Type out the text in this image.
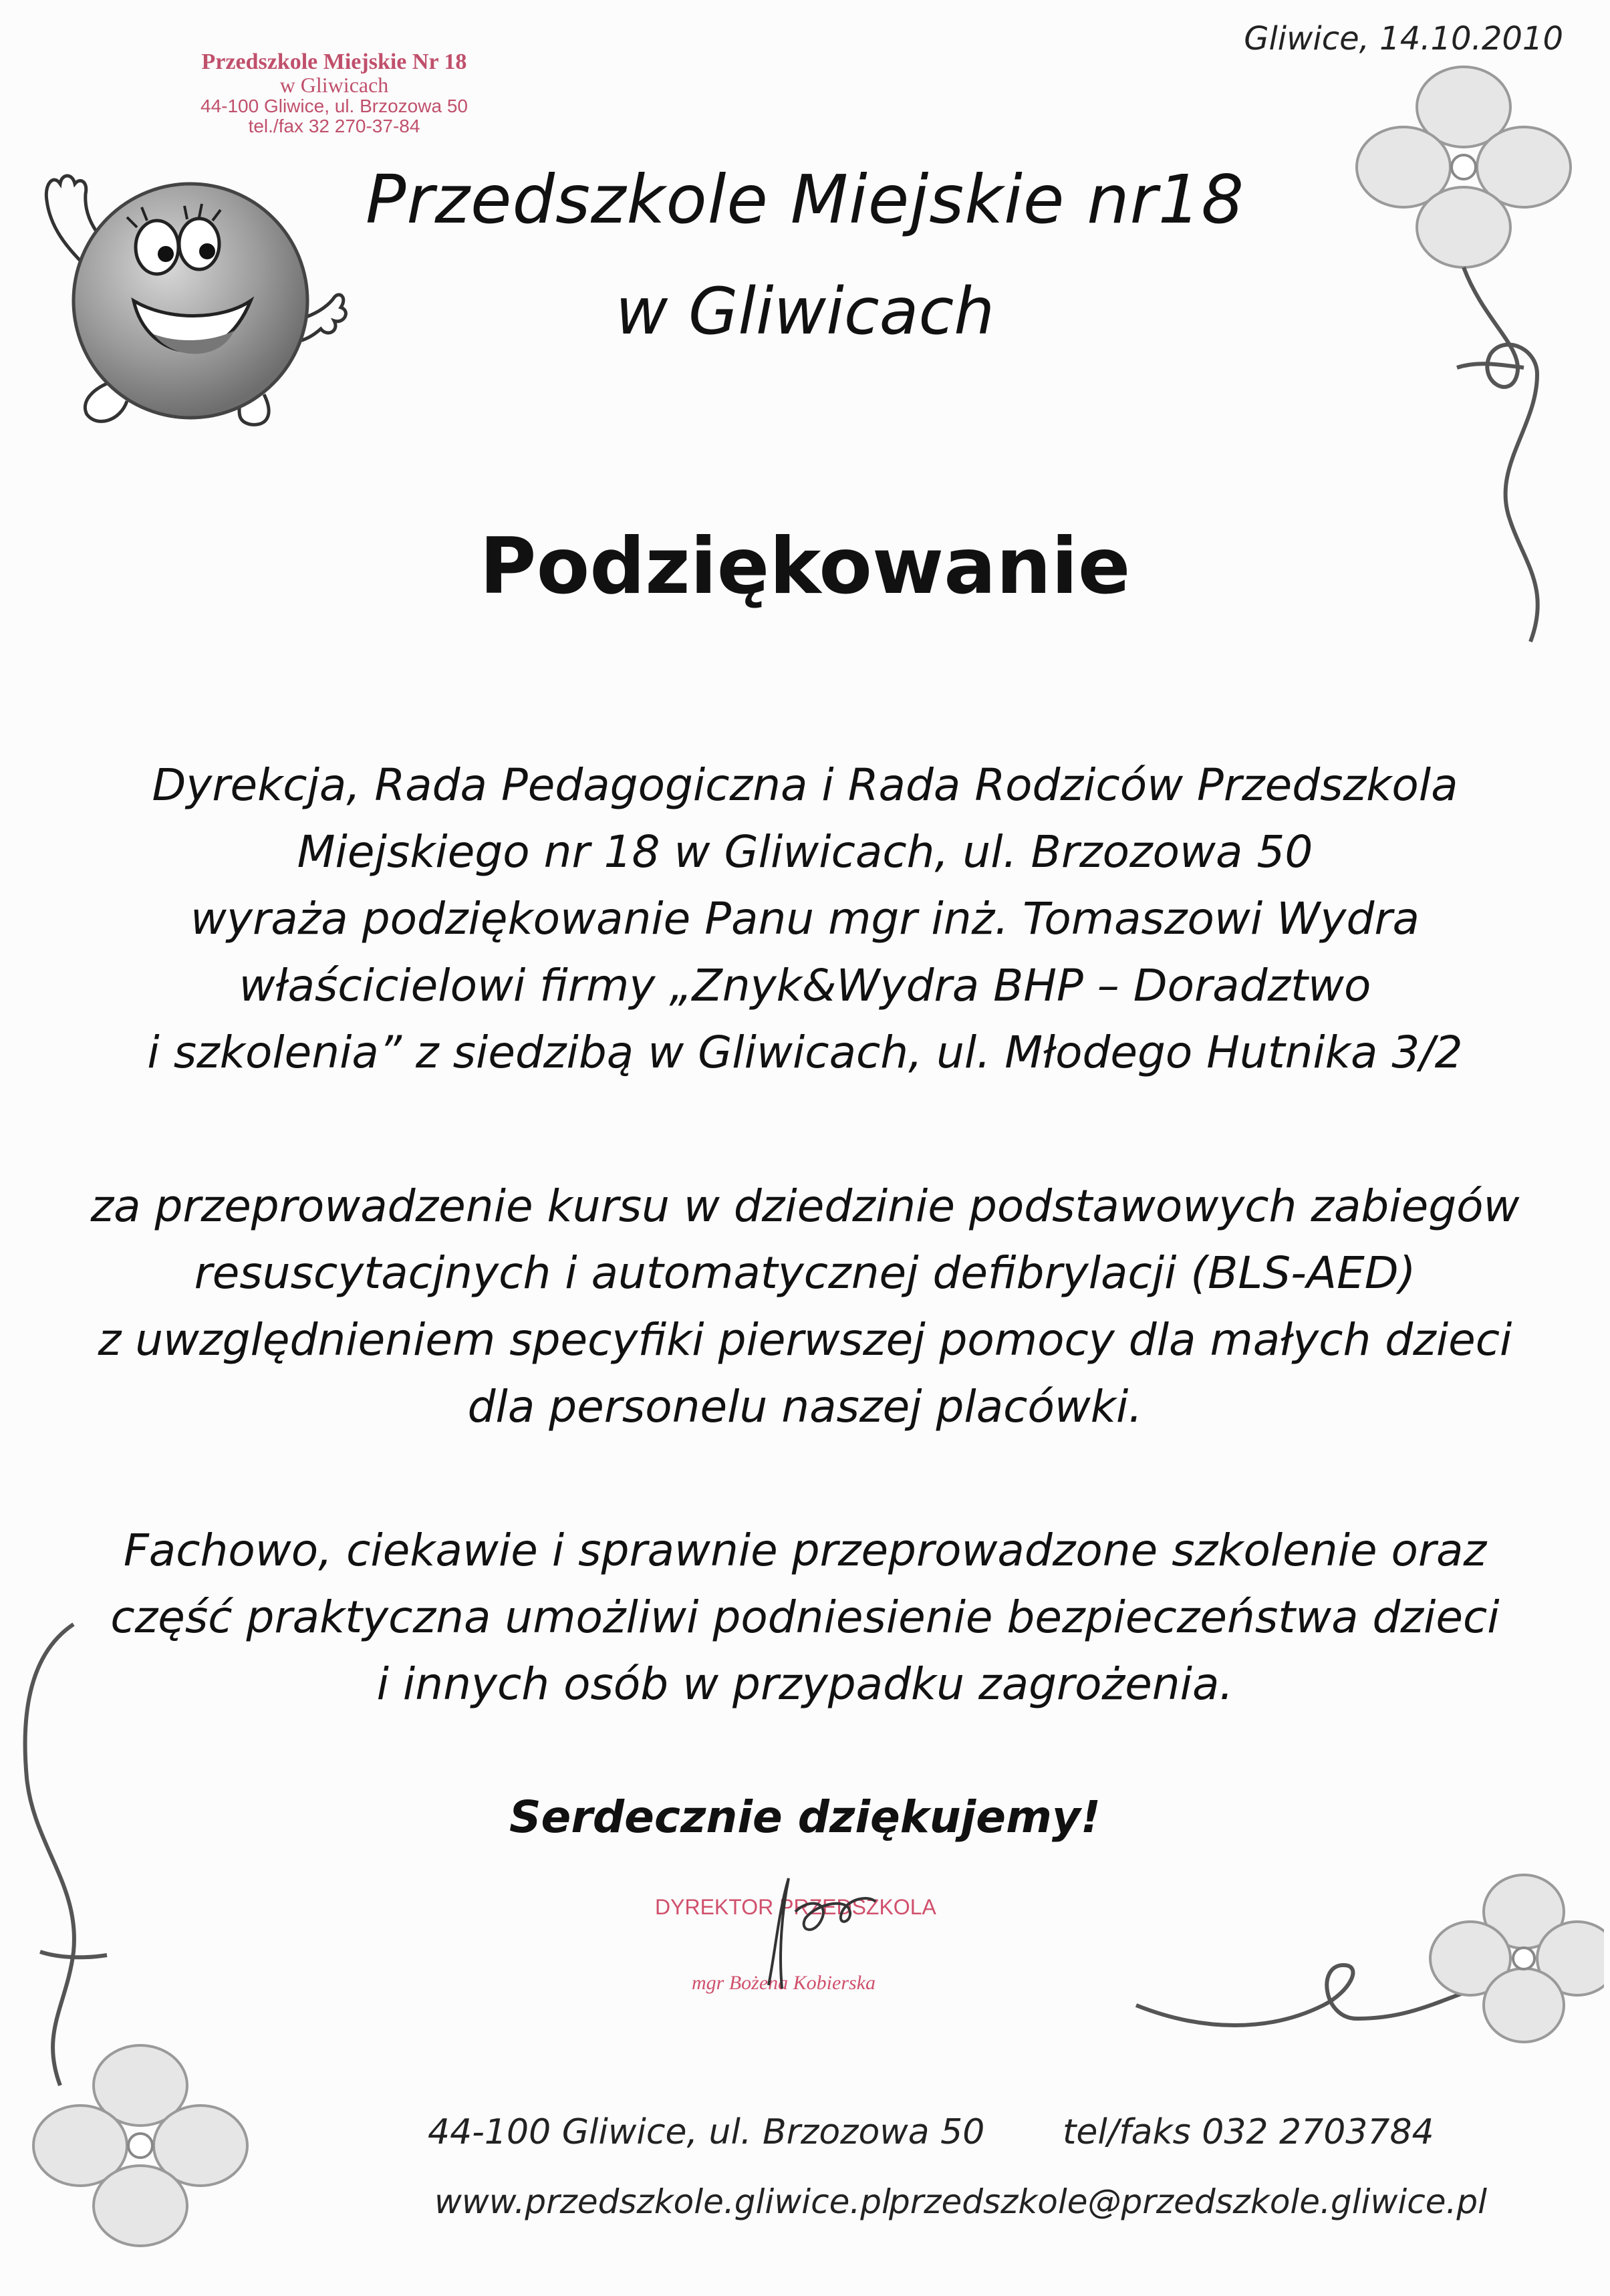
Gliwice, 14.10.2010
Przedszkole Miejskie Nr 18
w Gliwicach
44-100 Gliwice, ul. Brzozowa 50
tel./fax 32 270-37-84
Przedszkole Miejskie nr18
w Gliwicach
Podziękowanie
Dyrekcja, Rada Pedagogiczna i Rada Rodziców Przedszkola
Miejskiego nr 18 w Gliwicach, ul. Brzozowa 50
wyraża podziękowanie Panu mgr inż. Tomaszowi Wydra
właścicielowi firmy „Znyk&Wydra BHP – Doradztwo
i szkolenia” z siedzibą w Gliwicach, ul. Młodego Hutnika 3/2
za przeprowadzenie kursu w dziedzinie podstawowych zabiegów
resuscytacjnych i automatycznej defibrylacji (BLS-AED)
z uwzględnieniem specyfiki pierwszej pomocy dla małych dzieci
dla personelu naszej placówki.
Fachowo, ciekawie i sprawnie przeprowadzone szkolenie oraz
część praktyczna umożliwi podniesienie bezpieczeństwa dzieci
i innych osób w przypadku zagrożenia.
Serdecznie dziękujemy!
DYREKTOR PRZEDSZKOLA
mgr Bożena Kobierska
44-100 Gliwice, ul. Brzozowa 50 tel/faks 032 2703784
www.przedszkole.gliwice.pl
przedszkole@przedszkole.gliwice.pl
